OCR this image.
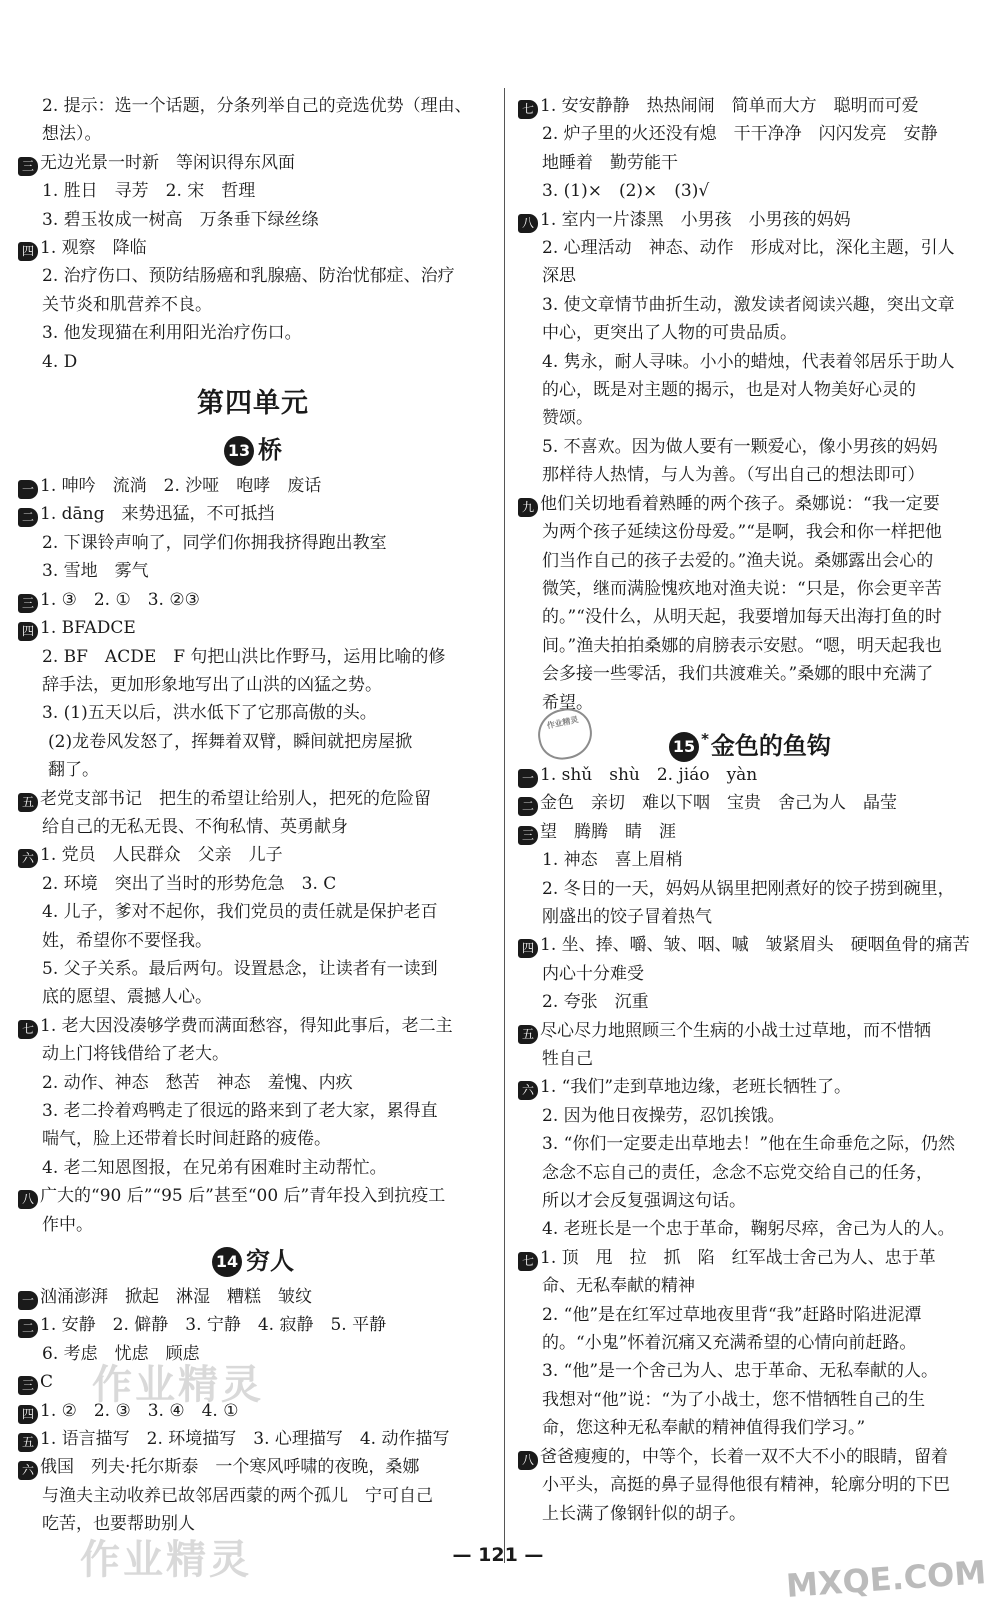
2. 提示：选一个话题，分条列举自己的竞选优势（理由、
想法）。
三 无边光景一时新　等闲识得东风面
1. 胜日　寻芳　2. 宋　哲理
3. 碧玉妆成一树高　万条垂下绿丝绦
四 1. 观察　降临
2. 治疗伤口、预防结肠癌和乳腺癌、防治忧郁症、治疗
关节炎和肌营养不良。
3. 他发现猫在利用阳光治疗伤口。
4. D
第四单元
13 桥
一 1. 呻吟　流淌　2. 沙哑　咆哮　废话
二 1. dāng　来势迅猛，不可抵挡
2. 下课铃声响了，同学们你拥我挤得跑出教室
3. 雪地　雾气
三 1. ③　2. ①　3. ②③
四 1. BFADCE
2. BF　ACDE　F 句把山洪比作野马，运用比喻的修
辞手法，更加形象地写出了山洪的凶猛之势。
3. (1)五天以后，洪水低下了它那高傲的头。
(2)龙卷风发怒了，挥舞着双臂，瞬间就把房屋掀
翻了。
五 老党支部书记　把生的希望让给别人，把死的危险留
给自己的无私无畏、不徇私情、英勇献身
六 1. 党员　人民群众　父亲　儿子
2. 环境　突出了当时的形势危急　3. C
4. 儿子，爹对不起你，我们党员的责任就是保护老百
姓，希望你不要怪我。
5. 父子关系。最后两句。设置悬念，让读者有一读到
底的愿望、震撼人心。
七 1. 老大因没凑够学费而满面愁容，得知此事后，老二主
动上门将钱借给了老大。
2. 动作、神态　愁苦　神态　羞愧、内疚
3. 老二拎着鸡鸭走了很远的路来到了老大家，累得直
喘气，脸上还带着长时间赶路的疲倦。
4. 老二知恩图报，在兄弟有困难时主动帮忙。
八 广大的“90 后”“95 后”甚至“00 后”青年投入到抗疫工
作中。
14 穷人
一 汹涌澎湃　掀起　淋湿　糟糕　皱纹
二 1. 安静　2. 僻静　3. 宁静　4. 寂静　5. 平静
6. 考虑　忧虑　顾虑
三 C
四 1. ②　2. ③　3. ④　4. ①
五 1. 语言描写　2. 环境描写　3. 心理描写　4. 动作描写
六 俄国　列夫·托尔斯泰　一个寒风呼啸的夜晚，桑娜
与渔夫主动收养已故邻居西蒙的两个孤儿　宁可自己
吃苦，也要帮助别人
七 1. 安安静静　热热闹闹　简单而大方　聪明而可爱
2. 炉子里的火还没有熄　干干净净　闪闪发亮　安静
地睡着　勤劳能干
3. (1)×　(2)×　(3)√
八 1. 室内一片漆黑　小男孩　小男孩的妈妈
2. 心理活动　神态、动作　形成对比，深化主题，引人
深思
3. 使文章情节曲折生动，激发读者阅读兴趣，突出文章
中心，更突出了人物的可贵品质。
4. 隽永，耐人寻味。小小的蜡烛，代表着邻居乐于助人
的心，既是对主题的揭示，也是对人物美好心灵的
赞颂。
5. 不喜欢。因为做人要有一颗爱心，像小男孩的妈妈
那样待人热情，与人为善。（写出自己的想法即可）
九 他们关切地看着熟睡的两个孩子。桑娜说：“我一定要
为两个孩子延续这份母爱。”“是啊，我会和你一样把他
们当作自己的孩子去爱的。”渔夫说。桑娜露出会心的
微笑，继而满脸愧疚地对渔夫说：“只是，你会更辛苦
的。”“没什么，从明天起，我要增加每天出海打鱼的时
间。”渔夫拍拍桑娜的肩膀表示安慰。“嗯，明天起我也
会多接一些零活，我们共渡难关。”桑娜的眼中充满了
希望。
作业精灵
15 *金色的鱼钩
一 1. shǔ　shù　2. jiáo　yàn
二 金色　亲切　难以下咽　宝贵　舍己为人　晶莹
三 望　腾腾　睛　涯
1. 神态　喜上眉梢
2. 冬日的一天，妈妈从锅里把刚煮好的饺子捞到碗里，
刚盛出的饺子冒着热气
四 1. 坐、捧、嚼、皱、咽、嘁　皱紧眉头　硬咽鱼骨的痛苦
内心十分难受
2. 夸张　沉重
五 尽心尽力地照顾三个生病的小战士过草地，而不惜牺
牲自己
六 1. “我们”走到草地边缘，老班长牺牲了。
2. 因为他日夜操劳，忍饥挨饿。
3. “你们一定要走出草地去！”他在生命垂危之际，仍然
念念不忘自己的责任，念念不忘党交给自己的任务，
所以才会反复强调这句话。
4. 老班长是一个忠于革命，鞠躬尽瘁，舍己为人的人。
七 1. 顶　甩　拉　抓　陷　红军战士舍己为人、忠于革
命、无私奉献的精神
2. “他”是在红军过草地夜里背“我”赶路时陷进泥潭
的。“小鬼”怀着沉痛又充满希望的心情向前赶路。
3. “他”是一个舍己为人、忠于革命、无私奉献的人。
我想对“他”说：“为了小战士，您不惜牺牲自己的生
命，您这种无私奉献的精神值得我们学习。”
八 爸爸瘦瘦的，中等个，长着一双不大不小的眼睛，留着
小平头，高挺的鼻子显得他很有精神，轮廓分明的下巴
上长满了像钢针似的胡子。
作业精灵
作业精灵	MXQE.COM
— 121 —
